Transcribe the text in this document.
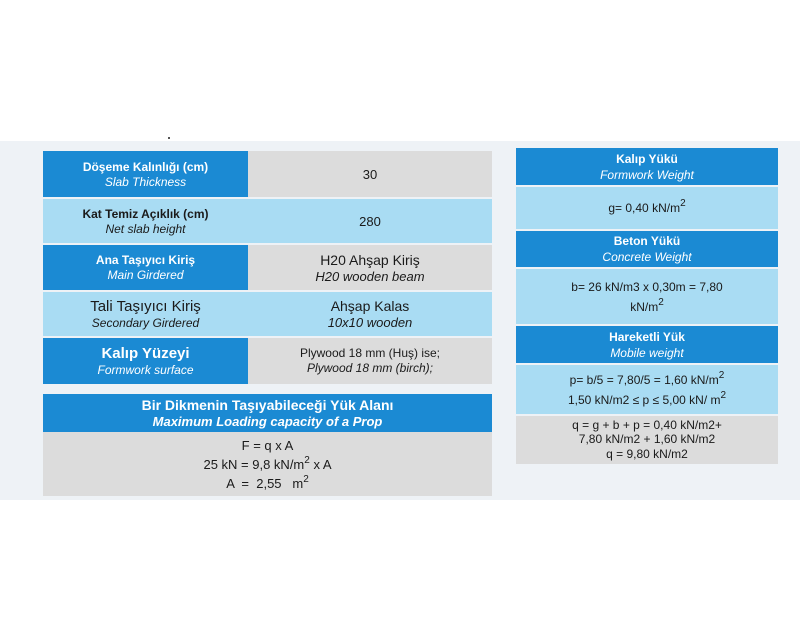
Döşeme Kalınlığı (cm)
Slab Thickness	30
Kat Temiz Açıklık (cm)
Net slab height	280
Ana Taşıyıcı Kiriş
Main Girdered
H20 Ahşap Kiriş
H20 wooden beam
Tali Taşıyıcı Kiriş
Secondary Girdered
Ahşap Kalas
10x10 wooden
Kalıp Yüzeyi
Formwork surface
Plywood 18 mm (Huş) ise;
Plywood 18 mm (birch);
Bir Dikmenin Taşıyabileceği Yük Alanı
Maximum Loading capacity of a Prop
F = q x A
25 kN = 9,8 $kN/m^2$ x A
A  =  2,55   $m^2$
Kalıp Yükü
Formwork Weight
g= 0,40 $kN/m^2$
Beton Yükü
Concrete Weight
b= 26 kN/m3 x 0,30m = 7,80
$kN/m^2$
Hareketli Yük
Mobile weight
p= b/5 = 7,80/5 = 1,60 $kN/m^2$
1,50 kN/m2 ≤ p ≤ 5,00 kN/ $m^2$
q = g + b + p = 0,40 kN/m2+
7,80 kN/m2 + 1,60 kN/m2
q = 9,80 kN/m2
